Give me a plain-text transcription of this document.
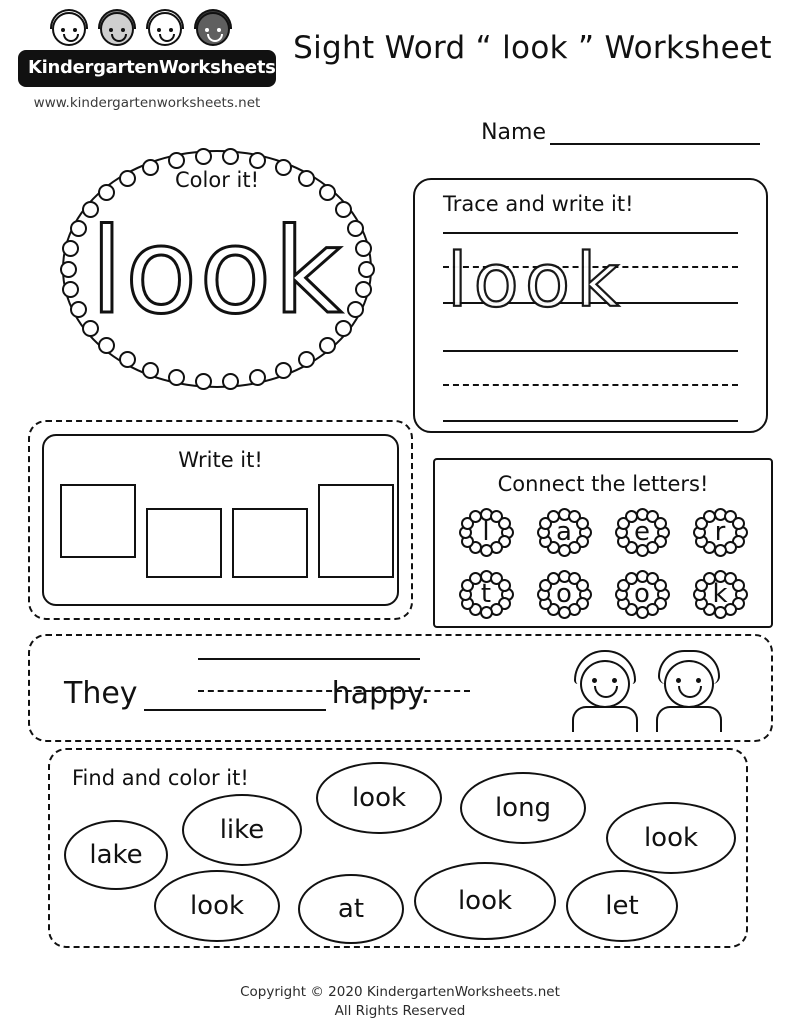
KindergartenWorksheets.net
www.kindergartenworksheets.net
Sight Word “ look ” Worksheet
Name
Color it!
look	Trace and write it!
look
Write it!
Connect the letters!
l	a	e	r
t	o	o	k
They	happy.
Find and color it!
lake
like
look	long
look
look	at	look	let
Copyright © 2020 KindergartenWorksheets.net
All Rights Reserved
